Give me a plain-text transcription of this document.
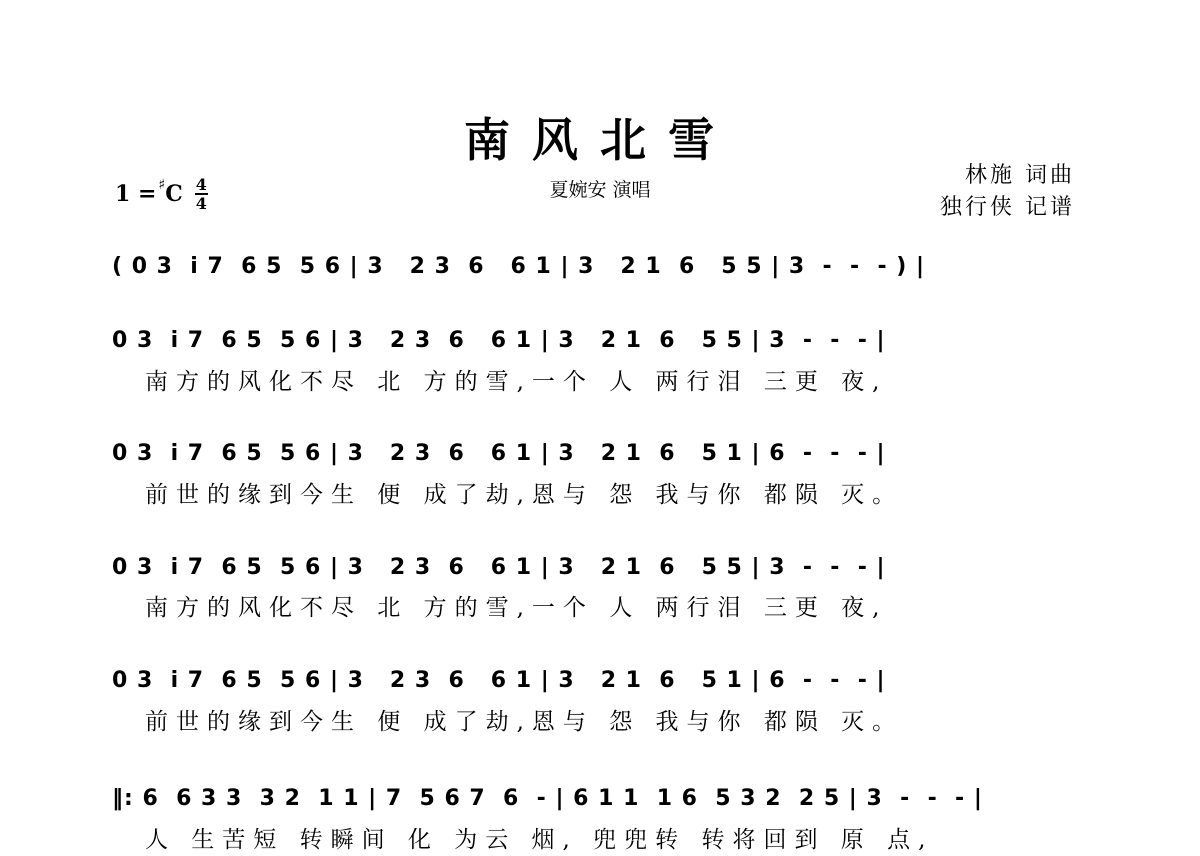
南风北雪
夏婉安 演唱
林施 词曲
独行侠 记谱
1 = ♯ C $\frac{4}{4}$
( 0 3  i 7  6 5  5 6 | 3   2 3  6   6 1 | 3   2 1  6   5 5 | 3  -  -  - ) |
0 3  i 7  6 5  5 6 | 3   2 3  6   6 1 | 3   2 1  6   5 5 | 3  -  -  - |
南方的风化不尽 北 方的雪,一个 人 两行泪 三更 夜,
0 3  i 7  6 5  5 6 | 3   2 3  6   6 1 | 3   2 1  6   5 1 | 6  -  -  - |
前世的缘到今生 便 成了劫,恩与 怨 我与你 都陨 灭。
0 3  i 7  6 5  5 6 | 3   2 3  6   6 1 | 3   2 1  6   5 5 | 3  -  -  - |
南方的风化不尽 北 方的雪,一个 人 两行泪 三更 夜,
0 3  i 7  6 5  5 6 | 3   2 3  6   6 1 | 3   2 1  6   5 1 | 6  -  -  - |
前世的缘到今生 便 成了劫,恩与 怨 我与你 都陨 灭。
‖: 6  6 3 3  3 2  1 1 | 7  5 6 7  6  - | 6 1 1  1 6  5 3 2  2 5 | 3  -  -  - |
人 生苦短 转瞬间 化 为云 烟, 兜兜转 转将回到 原 点,
